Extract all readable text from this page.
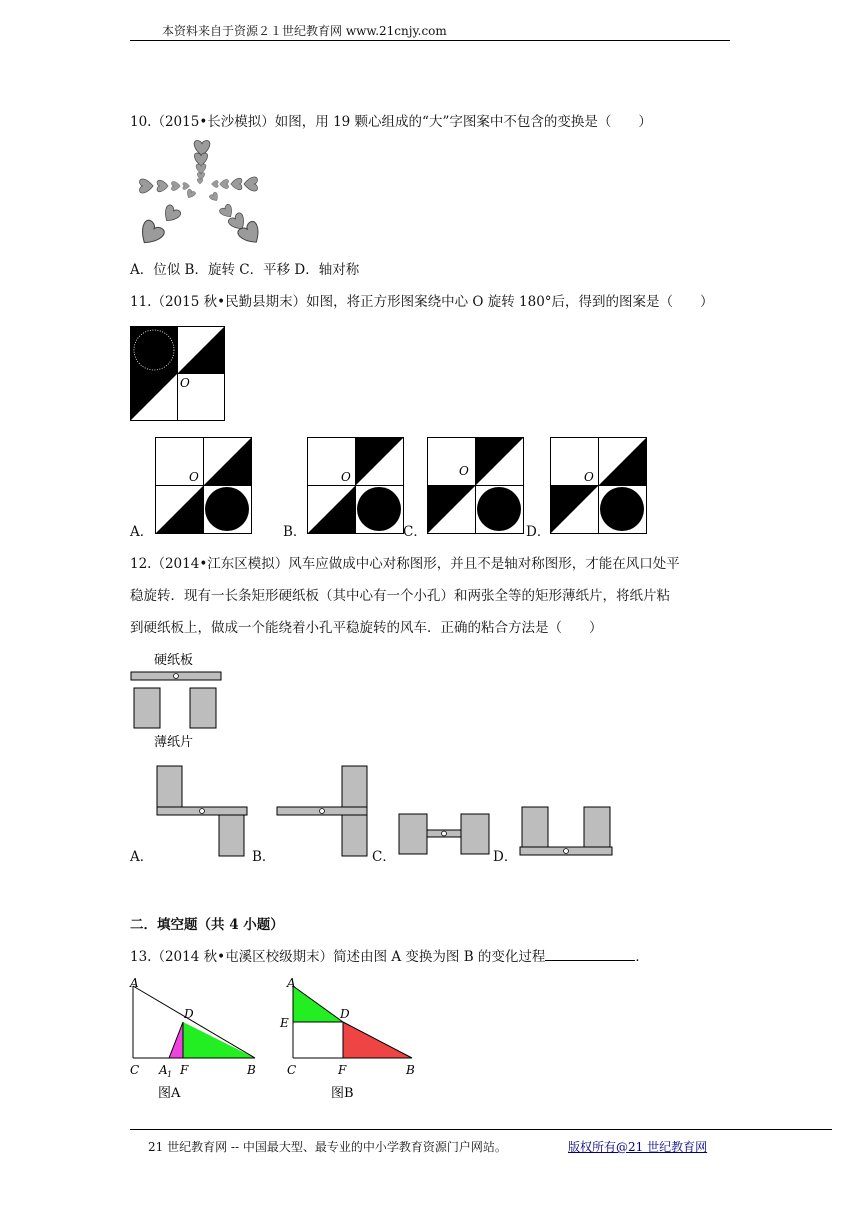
本资料来自于资源２１世纪教育网 www.21cnjy.com
10.（2015•长沙模拟）如图，用 19 颗心组成的“大”字图案中不包含的变换是（　　）
A．位似 B．旋转 C．平移 D．轴对称
11.（2015 秋•民勤县期末）如图，将正方形图案绕中心 O 旋转 180°后，得到的图案是（　　）
O
A．
O
B．
O
C．
O
D．
O
12.（2014•江东区模拟）风车应做成中心对称图形，并且不是轴对称图形，才能在风口处平
稳旋转．现有一长条矩形硬纸板（其中心有一个小孔）和两张全等的矩形薄纸片，将纸片粘
到硬纸板上，做成一个能绕着小孔平稳旋转的风车．正确的粘合方法是（　　）
硬纸板
薄纸片
A．	B．	C．	D．
二．填空题（共 4 小题）
13.（2014 秋•屯溪区校级期末）简述由图 A 变换为图 B 的变化过程	．
A
D
C A 1 F	B
图A
A
D
E
C	F	B
图B
21 世纪教育网 -- 中国最大型、最专业的中小学教育资源门户网站。	版权所有@21 世纪教育网
